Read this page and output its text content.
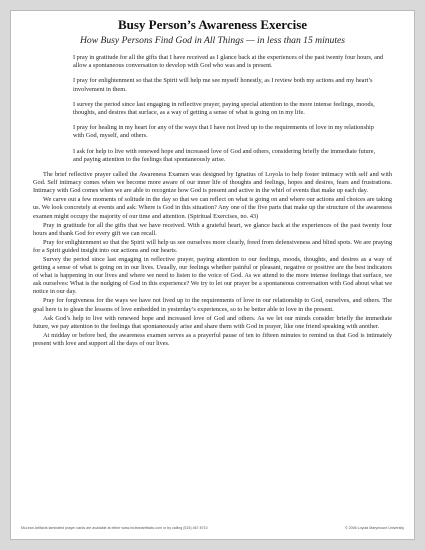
Busy Person’s Awareness Exercise
How Busy Persons Find God in All Things — in less than 15 minutes

I pray in gratitude for all the gifts that I have received as I glance back at the experiences of the past twenty four hours, and allow a spontaneous conversation to develop with God who was and is present.

I pray for enlightenment so that the Spirit will help me see myself honestly, as I review both my actions and my heart’s involvement in them.

I survey the period since last engaging in reflective prayer, paying special attention to the more intense feelings, moods, thoughts, and desires that surface, as a way of getting a sense of what is going on in my life.

I pray for healing in my heart for any of the ways that I have not lived up to the requirements of love in my relationship with God, myself, and others.

I ask for help to live with renewed hope and increased love of God and others, considering briefly the immediate future, and paying attention to the feelings that spontaneously arise.

The brief reflective prayer called the Awareness Examen was designed by Ignatius of Loyola to help foster intimacy with self and with God. Self intimacy comes when we become more aware of our inner life of thoughts and feelings, hopes and desires, fears and frustrations. Intimacy with God comes when we are able to recognize how God is present and active in the whirl of events that make up each day.

We carve out a few moments of solitude in the day so that we can reflect on what is going on and where our actions and choices are taking us. We look concretely at events and ask: Where is God in this situation? Any one of the five parts that make up the structure of the awareness examen might occupy the majority of our time and attention. (Spiritual Exercises, no. 43)

Pray in gratitude for all the gifts that we have received. With a grateful heart, we glance back at the experiences of the past twenty four hours and thank God for every gift we can recall.

Pray for enlightenment so that the Spirit will help us see ourselves more clearly, freed from defensiveness and blind spots. We are praying for a Spirit guided insight into our actions and our hearts.

Survey the period since last engaging in reflective prayer, paying attention to our feelings, moods, thoughts, and desires as a way of getting a sense of what is going on in our lives. Usually, our feelings whether painful or pleasant, negative or positive are the best indicators of what is happening in our lives and where we need to listen to the voice of God. As we attend to the more intense feelings that surface, we ask ourselves: What is the nudging of God in this experience? We try to let our prayer be a spontaneous conversation with God about what we notice in our day.

Pray for forgiveness for the ways we have not lived up to the requirements of love in our relationship to God, ourselves, and others. The goal here is to glean the lessons of love embedded in yesterday’s experiences, so to be better able to love in the present.

Ask God’s help to live with renewed hope and increased love of God and others. As we let our minds consider briefly the immediate future, we pay attention to the feelings that spontaneously arise and share them with God in prayer, like one friend speaking with another.

At midday or before bed, the awareness examen serves as a prayerful pause of ten to fifteen minutes to remind us that God is intimately present with love and support all the days of our lives.

McLean Artifacts laminated prayer cards are available at either www.mcleanartifacts.com or by calling (515) 467 8710	© 2006 Loyola Marymount University
